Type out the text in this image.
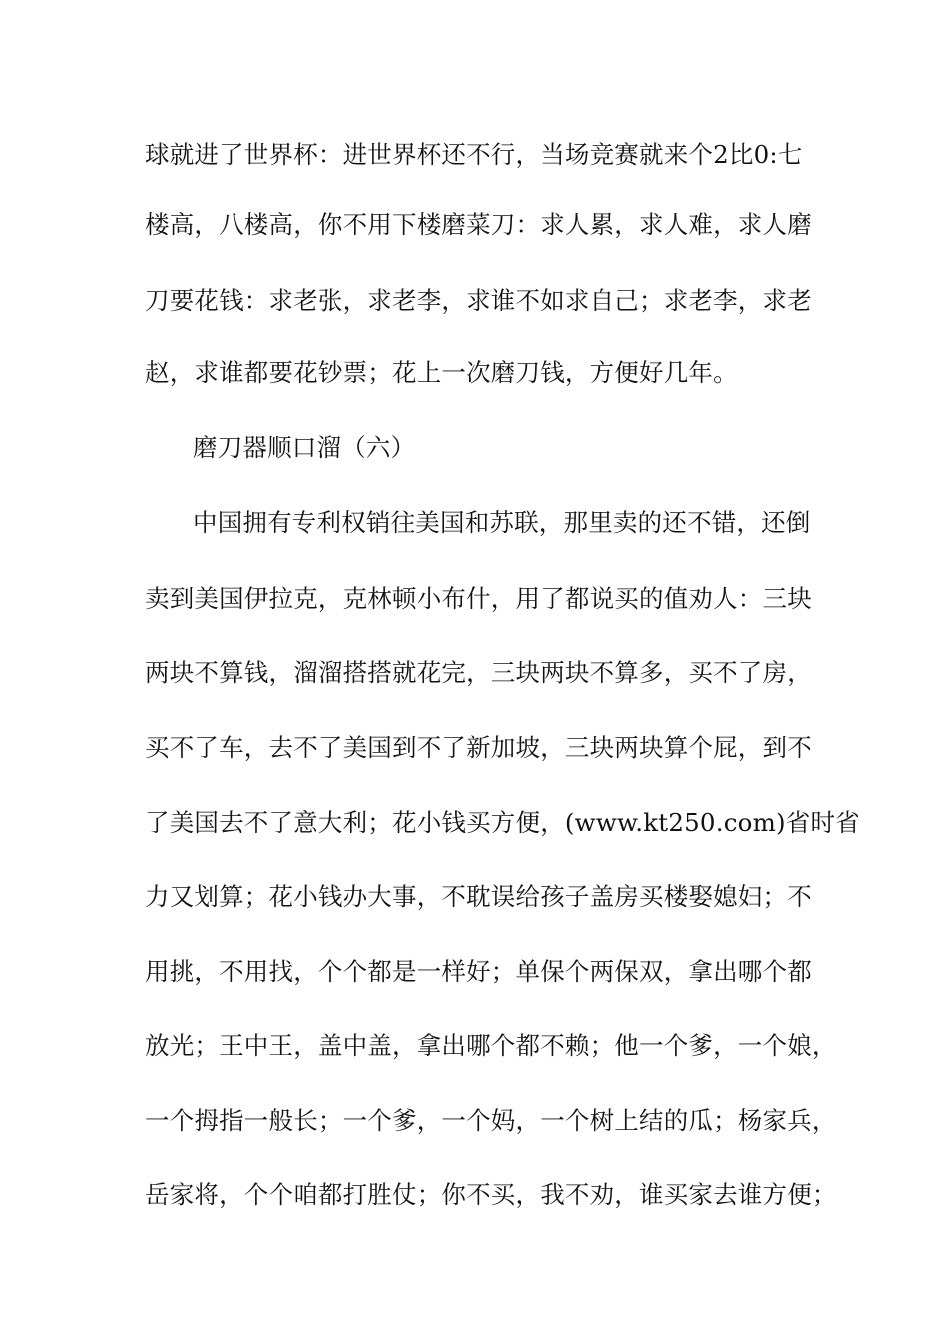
球就进了世界杯：进世界杯还不行，当场竞赛就来个2比0:七
楼高，八楼高，你不用下楼磨菜刀：求人累，求人难，求人磨
刀要花钱：求老张，求老李，求谁不如求自己；求老李，求老
赵，求谁都要花钞票；花上一次磨刀钱，方便好几年。
磨刀器顺口溜（六）
中国拥有专利权销往美国和苏联，那里卖的还不错，还倒
卖到美国伊拉克，克林顿小布什，用了都说买的值劝人：三块
两块不算钱，溜溜搭搭就花完，三块两块不算多，买不了房，
买不了车，去不了美国到不了新加坡，三块两块算个屁，到不
了美国去不了意大利；花小钱买方便，(www.kt250.com)省时省
力又划算；花小钱办大事，不耽误给孩子盖房买楼娶媳妇；不
用挑，不用找，个个都是一样好；单保个两保双，拿出哪个都
放光；王中王，盖中盖，拿出哪个都不赖；他一个爹，一个娘，
一个拇指一般长；一个爹，一个妈，一个树上结的瓜；杨家兵，
岳家将，个个咱都打胜仗；你不买，我不劝，谁买家去谁方便；
